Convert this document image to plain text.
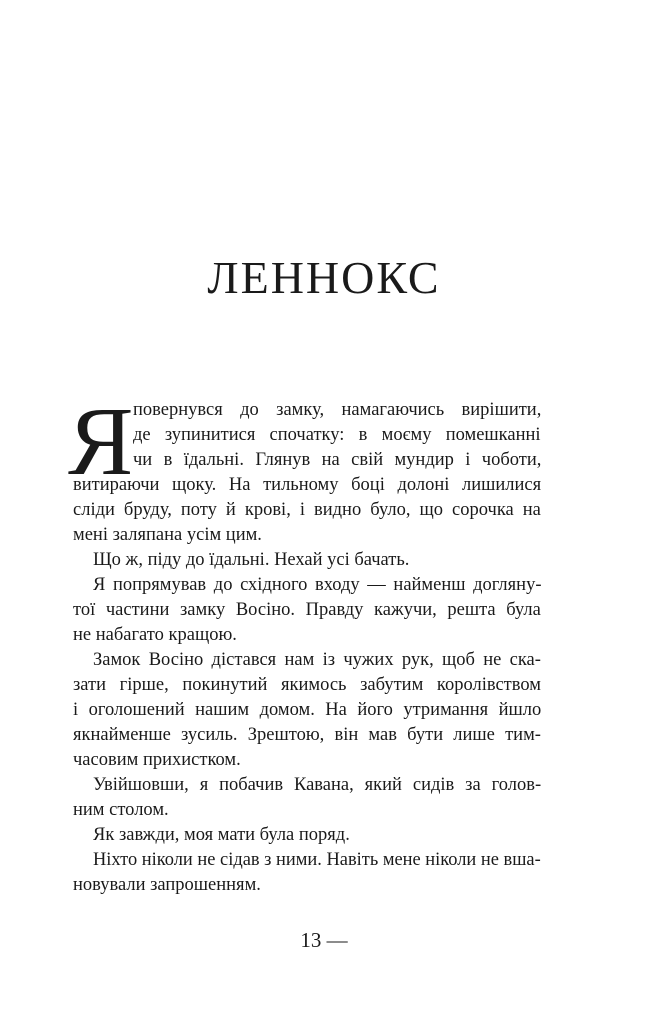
ЛЕННОКС
Я повернувся до замку, намагаючись вирішити,

де зупинитися спочатку: в моєму помешканні

чи в їдальні. Глянув на свій мундир і чоботи,

витираючи щоку. На тильному боці долоні лишилися

сліди бруду, поту й крові, і видно було, що сорочка на

мені заляпана усім цим.

Що ж, піду до їдальні. Нехай усі бачать.

Я попрямував до східного входу — найменш догляну-

тої частини замку Восіно. Правду кажучи, решта була

не набагато кращою.

Замок Восіно дістався нам із чужих рук, щоб не ска-

зати гірше, покинутий якимось забутим королівством

і оголошений нашим домом. На його утримання йшло

якнайменше зусиль. Зрештою, він мав бути лише тим-

часовим прихистком.

Увійшовши, я побачив Кавана, який сидів за голов-

ним столом.

Як завжди, моя мати була поряд.

Ніхто ніколи не сідав з ними. Навіть мене ніколи не вша-

новували запрошенням.

13 —
